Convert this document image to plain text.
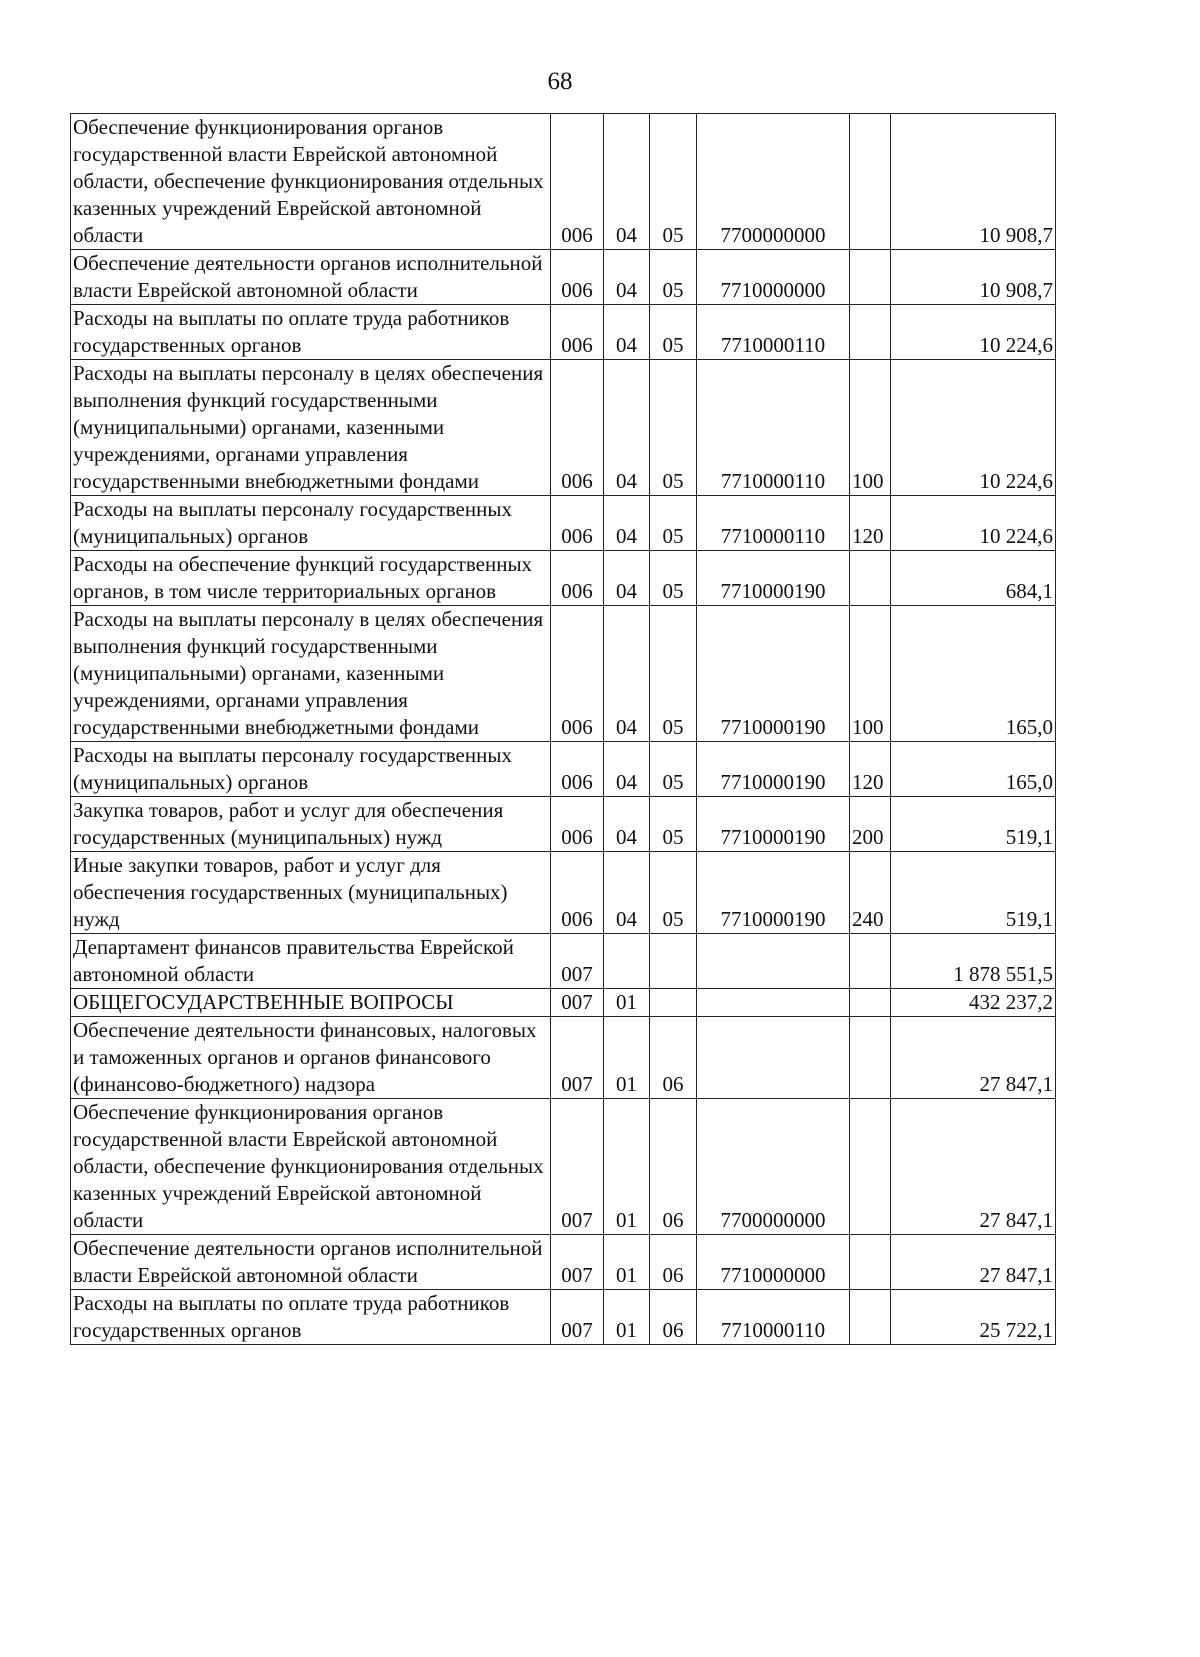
68
Обеспечение функционирования органов государственной власти Еврейской автономной области, обеспечение функционирования отдельных казенных учреждений Еврейской автономной области	006	04	05	7700000000		10 908,7
Обеспечение деятельности органов исполнительной власти Еврейской автономной области	006	04	05	7710000000		10 908,7
Расходы на выплаты по оплате труда работников государственных органов	006	04	05	7710000110		10 224,6
Расходы на выплаты персоналу в целях обеспечения выполнения функций государственными (муниципальными) органами, казенными учреждениями, органами управления государственными внебюджетными фондами	006	04	05	7710000110	100	10 224,6
Расходы на выплаты персоналу государственных (муниципальных) органов	006	04	05	7710000110	120	10 224,6
Расходы на обеспечение функций государственных органов, в том числе территориальных органов	006	04	05	7710000190		684,1
Расходы на выплаты персоналу в целях обеспечения выполнения функций государственными (муниципальными) органами, казенными учреждениями, органами управления государственными внебюджетными фондами	006	04	05	7710000190	100	165,0
Расходы на выплаты персоналу государственных (муниципальных) органов	006	04	05	7710000190	120	165,0
Закупка товаров, работ и услуг для обеспечения государственных (муниципальных) нужд	006	04	05	7710000190	200	519,1
Иные закупки товаров, работ и услуг для обеспечения государственных (муниципальных) нужд	006	04	05	7710000190	240	519,1
Департамент финансов правительства Еврейской автономной области	007					1 878 551,5
ОБЩЕГОСУДАРСТВЕННЫЕ ВОПРОСЫ	007	01				432 237,2
Обеспечение деятельности финансовых, налоговых и таможенных органов и органов финансового (финансово-бюджетного) надзора	007	01	06			27 847,1
Обеспечение функционирования органов государственной власти Еврейской автономной области, обеспечение функционирования отдельных казенных учреждений Еврейской автономной области	007	01	06	7700000000		27 847,1
Обеспечение деятельности органов исполнительной власти Еврейской автономной области	007	01	06	7710000000		27 847,1
Расходы на выплаты по оплате труда работников государственных органов	007	01	06	7710000110		25 722,1
